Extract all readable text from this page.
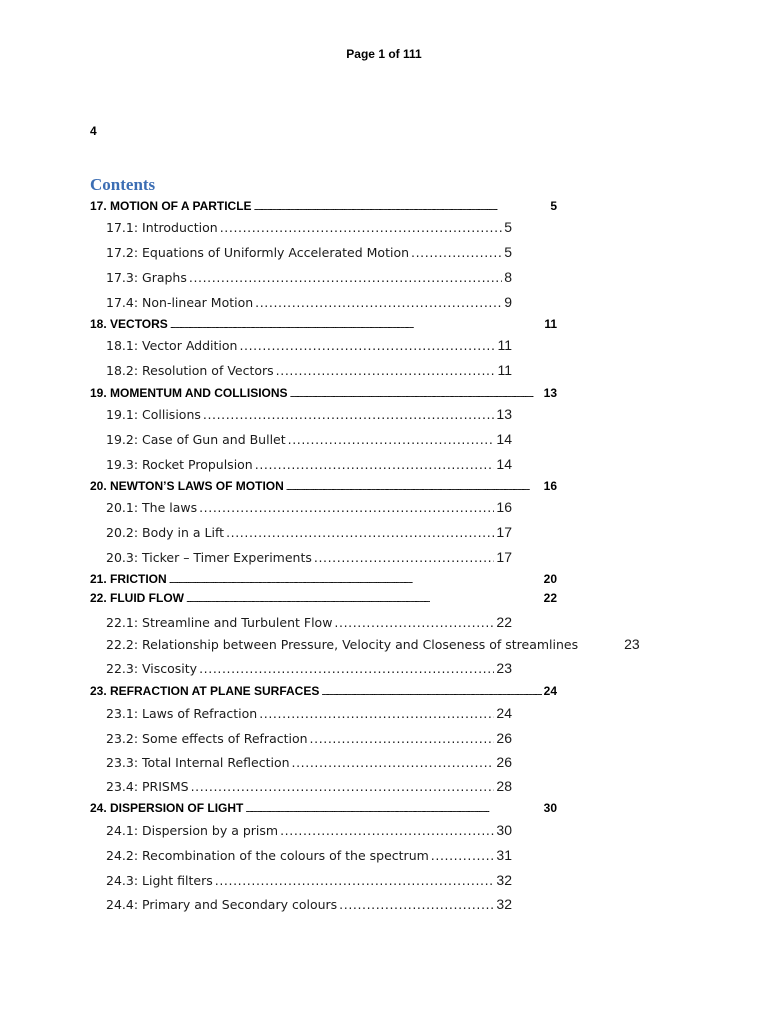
Page 1 of 111
4
Contents
17. MOTION OF A PARTICLE .....	5
17.1: Introduction .....	5
17.2: Equations of Uniformly Accelerated Motion .....	5
17.3: Graphs .....	8
17.4: Non-linear Motion .....	9
18. VECTORS .....	11
18.1: Vector Addition .....	11
18.2: Resolution of Vectors .....	11
19. MOMENTUM AND COLLISIONS .....	13
19.1: Collisions .....	13
19.2: Case of Gun and Bullet .....	14
19.3: Rocket Propulsion .....	14
20. NEWTON’S LAWS OF MOTION .....	16
20.1: The laws .....	16
20.2: Body in a Lift .....	17
20.3: Ticker – Timer Experiments .....	17
21. FRICTION .....	20
22. FLUID FLOW .....	22
22.1: Streamline and Turbulent Flow .....	22
22.2: Relationship between Pressure, Velocity and Closeness of streamlines	23
22.3: Viscosity .....	23
23. REFRACTION AT PLANE SURFACES .....	24
23.1: Laws of Refraction .....	24
23.2: Some effects of Refraction .....	26
23.3: Total Internal Reflection .....	26
23.4: PRISMS .....	28
24. DISPERSION OF LIGHT .....	30
24.1: Dispersion by a prism .....	30
24.2: Recombination of the colours of the spectrum .....	31
24.3: Light filters .....	32
24.4: Primary and Secondary colours .....	32
